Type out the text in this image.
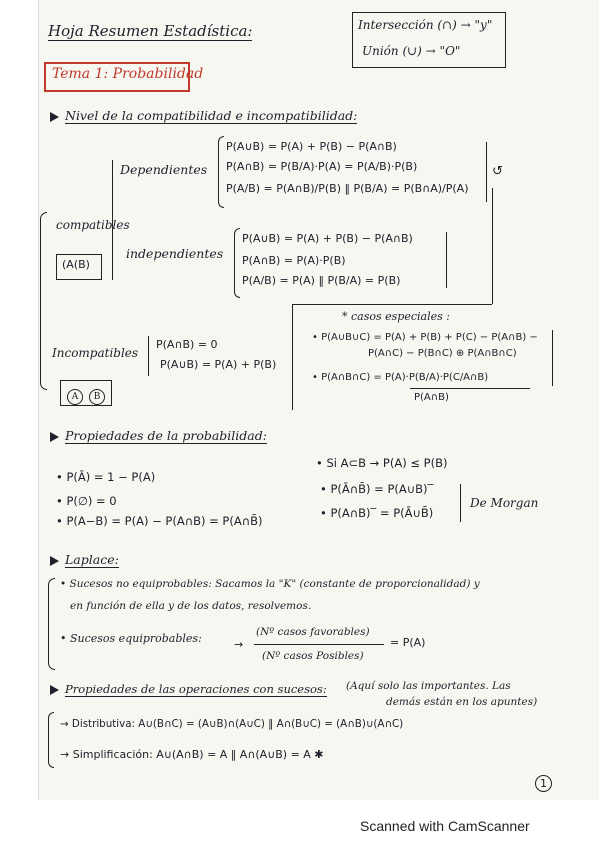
Hoja Resumen Estadística:	Intersección (∩) → "y"
Unión (∪) → "O"
Tema 1: Probabilidad
Nivel de la compatibilidad e incompatibilidad:
compatibles
(A(B)
Dependientes
P(A∪B) = P(A) + P(B) − P(A∩B)
P(A∩B) = P(B/A)·P(A) = P(A/B)·P(B)
P(A/B) = P(A∩B)/P(B) ‖ P(B/A) = P(B∩A)/P(A)
↺
independientes
P(A∪B) = P(A) + P(B) − P(A∩B)
P(A∩B) = P(A)·P(B)
P(A/B) = P(A) ‖ P(B/A) = P(B)
* casos especiales :
• P(A∪B∪C) = P(A) + P(B) + P(C) − P(A∩B) −
P(A∩C) − P(B∩C) ⊕ P(A∩B∩C)
• P(A∩B∩C) = P(A)·P(B/A)·P(C/A∩B)
P(A∩B)
Incompatibles
A B
P(A∩B) = 0
P(A∪B) = P(A) + P(B)
Propiedades de la probabilidad:
• P(Ā) = 1 − P(A)
• P(∅) = 0
• P(A−B) = P(A) − P(A∩B) = P(A∩B̄)
• Si A⊂B → P(A) ≤ P(B)
• P(Ā∩B̄) = P(A∪B)‾
• P(A∩B)‾ = P(Ā∪B̄)
De Morgan
Laplace:
• Sucesos no equiprobables: Sacamos la "K" (constante de proporcionalidad) y
en función de ella y de los datos, resolvemos.
• Sucesos equiprobables:	→
(Nº casos favorables)
(Nº casos Posibles)
= P(A)
Propiedades de las operaciones con sucesos: (Aquí solo las importantes. Las
demás están en los apuntes)
→ Distributiva: A∪(B∩C) = (A∪B)∩(A∪C) ‖ A∩(B∪C) = (A∩B)∪(A∩C)
→ Simplificación: A∪(A∩B) = A ‖ A∩(A∪B) = A ✱
1
Scanned with CamScanner
